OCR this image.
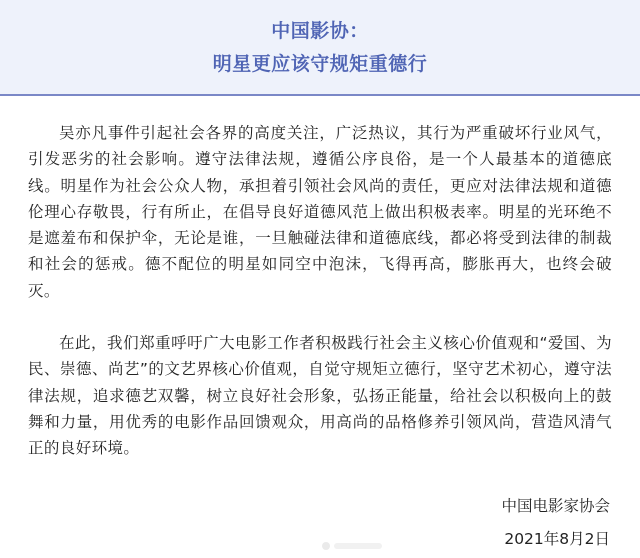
中国影协：
明星更应该守规矩重德行

吴亦凡事件引起社会各界的高度关注，广泛热议，其行为严重破坏行业风气，引发恶劣的社会影响。遵守法律法规，遵循公序良俗，是一个人最基本的道德底线。明星作为社会公众人物，承担着引领社会风尚的责任，更应对法律法规和道德伦理心存敬畏，行有所止，在倡导良好道德风范上做出积极表率。明星的光环绝不是遮羞布和保护伞，无论是谁，一旦触碰法律和道德底线，都必将受到法律的制裁和社会的惩戒。德不配位的明星如同空中泡沫，飞得再高，膨胀再大，也终会破灭。

在此，我们郑重呼吁广大电影工作者积极践行社会主义核心价值观和“爱国、为民、崇德、尚艺”的文艺界核心价值观，自觉守规矩立德行，坚守艺术初心，遵守法律法规，追求德艺双馨，树立良好社会形象，弘扬正能量，给社会以积极向上的鼓舞和力量，用优秀的电影作品回馈观众，用高尚的品格修养引领风尚，营造风清气正的良好环境。

中国电影家协会
2021年8月2日
